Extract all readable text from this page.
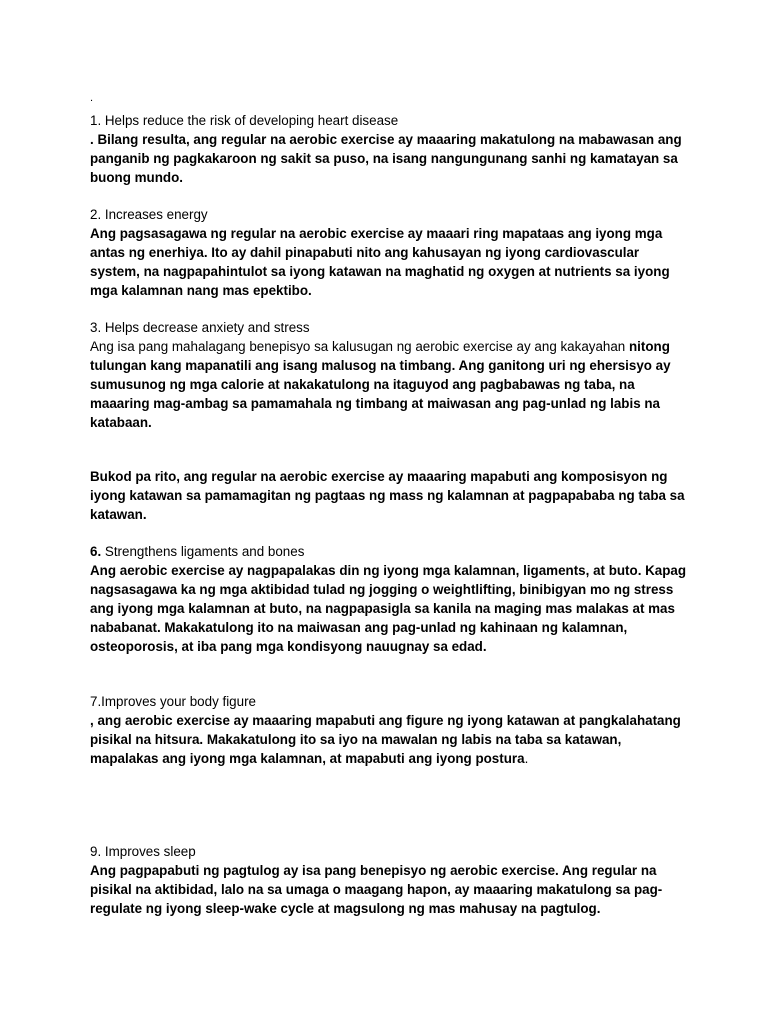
.
1. Helps reduce the risk of developing heart disease
. Bilang resulta, ang regular na aerobic exercise ay maaaring makatulong na mabawasan ang panganib ng pagkakaroon ng sakit sa puso, na isang nangungunang sanhi ng kamatayan sa buong mundo.
2. Increases energy
Ang pagsasagawa ng regular na aerobic exercise ay maaari ring mapataas ang iyong mga antas ng enerhiya. Ito ay dahil pinapabuti nito ang kahusayan ng iyong cardiovascular system, na nagpapahintulot sa iyong katawan na maghatid ng oxygen at nutrients sa iyong mga kalamnan nang mas epektibo.
3. Helps decrease anxiety and stress
Ang isa pang mahalagang benepisyo sa kalusugan ng aerobic exercise ay ang kakayahan nitong tulungan kang mapanatili ang isang malusog na timbang. Ang ganitong uri ng ehersisyo ay sumusunog ng mga calorie at nakakatulong na itaguyod ang pagbabawas ng taba, na maaaring mag-ambag sa pamamahala ng timbang at maiwasan ang pag-unlad ng labis na katabaan.
Bukod pa rito, ang regular na aerobic exercise ay maaaring mapabuti ang komposisyon ng iyong katawan sa pamamagitan ng pagtaas ng mass ng kalamnan at pagpapababa ng taba sa katawan.
6. Strengthens ligaments and bones
Ang aerobic exercise ay nagpapalakas din ng iyong mga kalamnan, ligaments, at buto. Kapag nagsasagawa ka ng mga aktibidad tulad ng jogging o weightlifting, binibigyan mo ng stress ang iyong mga kalamnan at buto, na nagpapasigla sa kanila na maging mas malakas at mas nababanat. Makakatulong ito na maiwasan ang pag-unlad ng kahinaan ng kalamnan, osteoporosis, at iba pang mga kondisyong nauugnay sa edad.
7.Improves your body figure
, ang aerobic exercise ay maaaring mapabuti ang figure ng iyong katawan at pangkalahatang pisikal na hitsura. Makakatulong ito sa iyo na mawalan ng labis na taba sa katawan, mapalakas ang iyong mga kalamnan, at mapabuti ang iyong postura.
9. Improves sleep
Ang pagpapabuti ng pagtulog ay isa pang benepisyo ng aerobic exercise. Ang regular na pisikal na aktibidad, lalo na sa umaga o maagang hapon, ay maaaring makatulong sa pag-regulate ng iyong sleep-wake cycle at magsulong ng mas mahusay na pagtulog.
